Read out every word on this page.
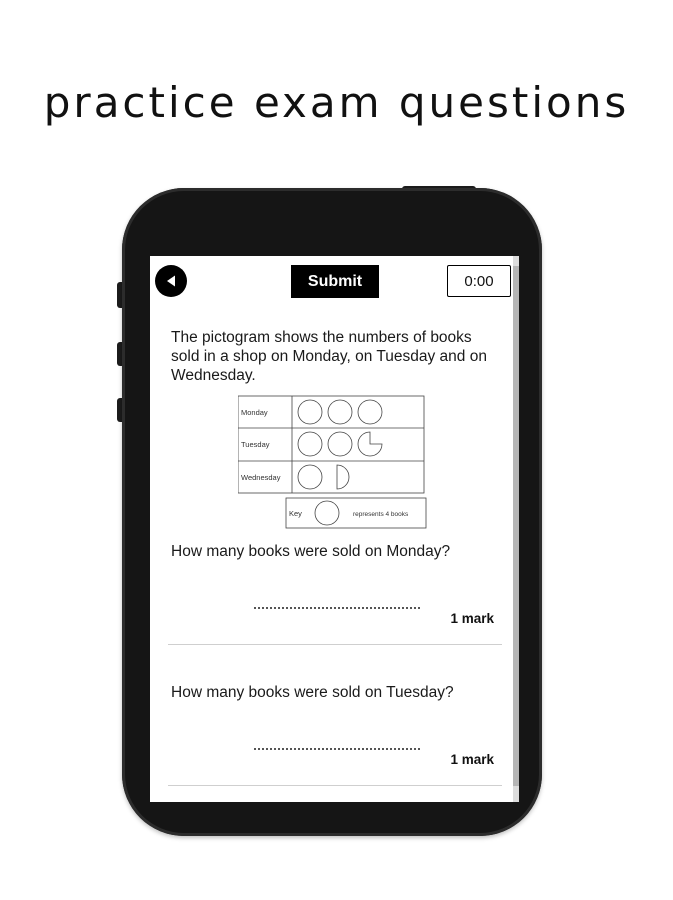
practice exam questions
Submit	0:00
The pictogram shows the numbers of books sold in a shop on Monday, on Tuesday and on Wednesday.
Monday
Tuesday
Wednesday
Key	represents 4 books
How many books were sold on Monday?
1 mark
How many books were sold on Tuesday?
1 mark
